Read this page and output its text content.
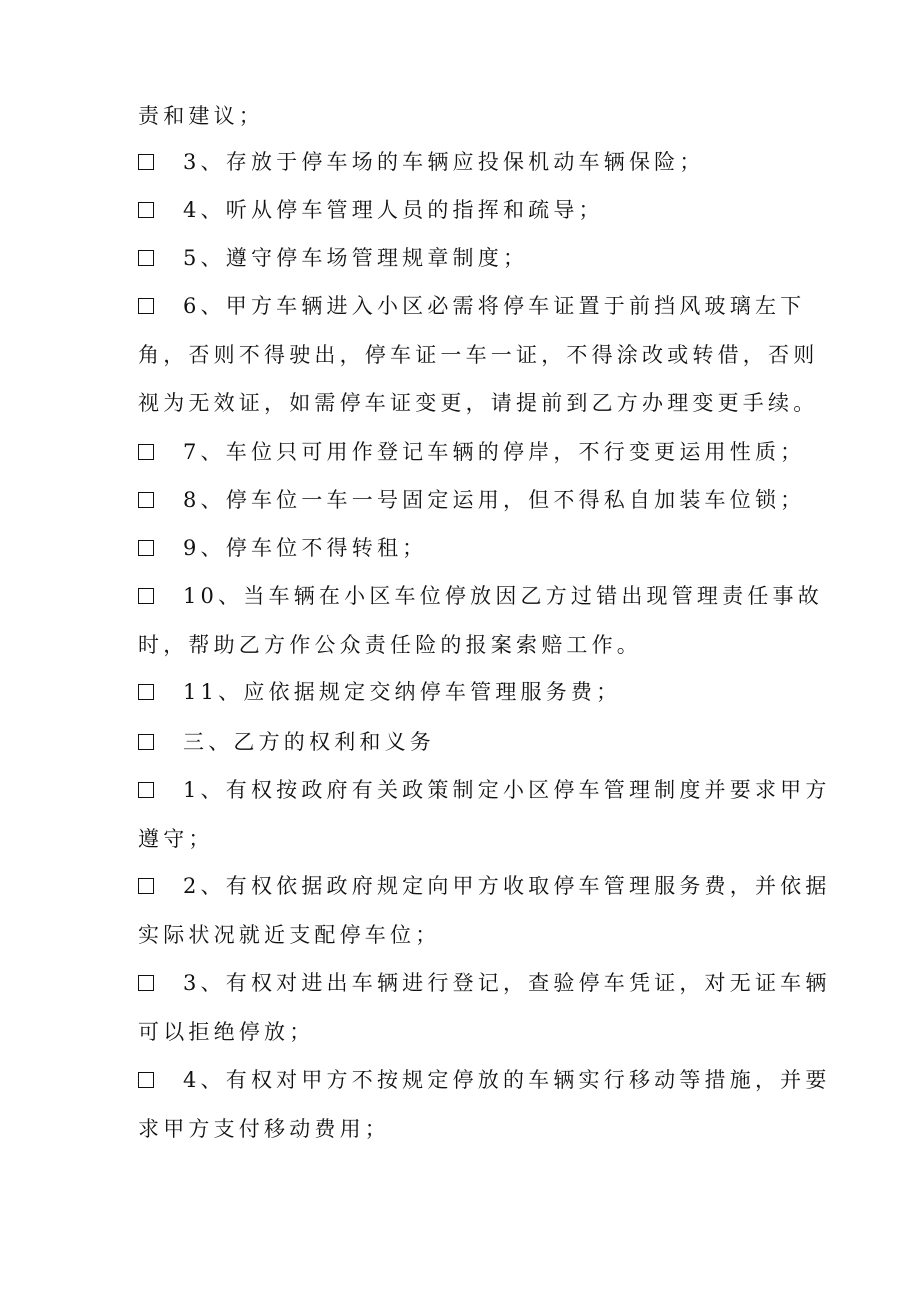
责和建议；
3、存放于停车场的车辆应投保机动车辆保险；
4、听从停车管理人员的指挥和疏导；
5、遵守停车场管理规章制度；
6、甲方车辆进入小区必需将停车证置于前挡风玻璃左下
角，否则不得驶出，停车证一车一证，不得涂改或转借，否则
视为无效证，如需停车证变更，请提前到乙方办理变更手续。
7、车位只可用作登记车辆的停岸，不行变更运用性质；
8、停车位一车一号固定运用，但不得私自加装车位锁；
9、停车位不得转租；
10、当车辆在小区车位停放因乙方过错出现管理责任事故
时，帮助乙方作公众责任险的报案索赔工作。
11、应依据规定交纳停车管理服务费；
三、乙方的权利和义务
1、有权按政府有关政策制定小区停车管理制度并要求甲方
遵守；
2、有权依据政府规定向甲方收取停车管理服务费，并依据
实际状况就近支配停车位；
3、有权对进出车辆进行登记，查验停车凭证，对无证车辆
可以拒绝停放；
4、有权对甲方不按规定停放的车辆实行移动等措施，并要
求甲方支付移动费用；
